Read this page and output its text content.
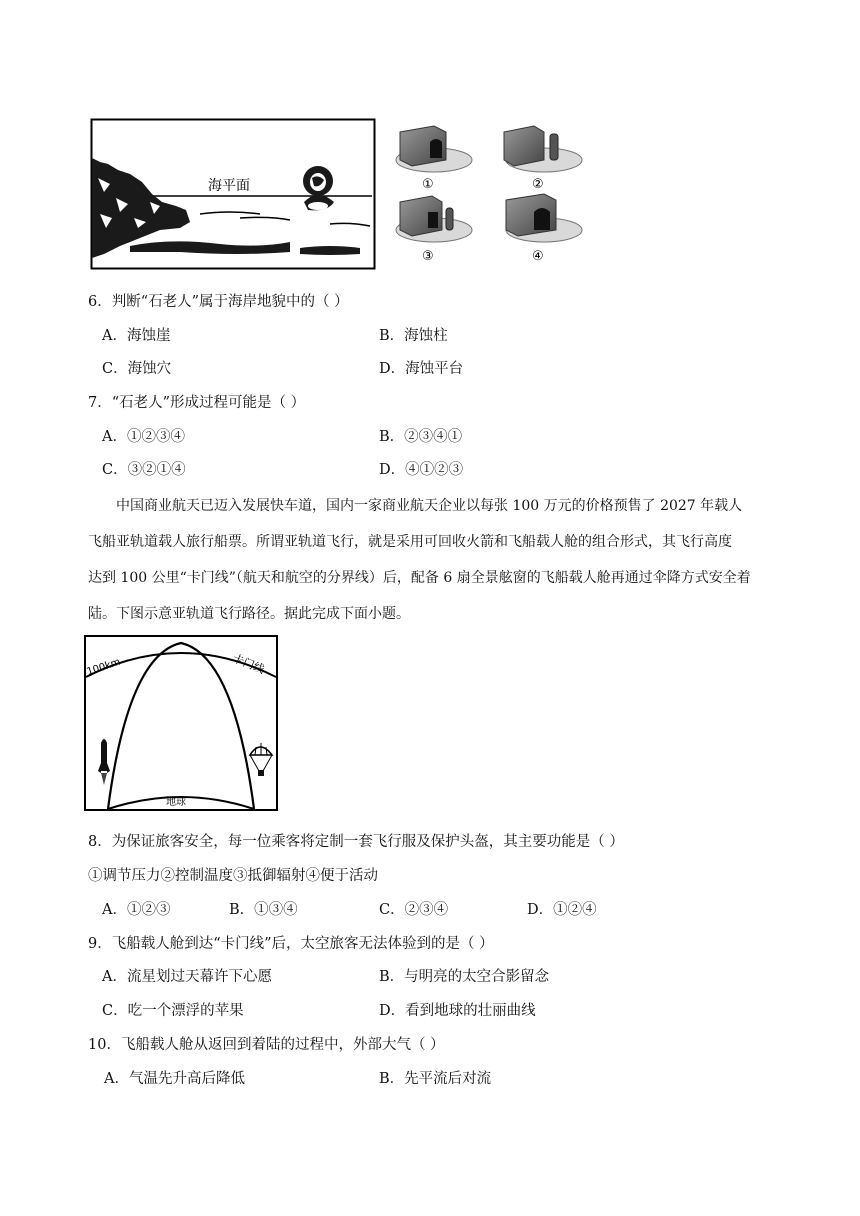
海平面	①	②
③	④
6．判断“石老人”属于海岸地貌中的（ ）
A．海蚀崖	B．海蚀柱
C．海蚀穴	D．海蚀平台
7．“石老人”形成过程可能是（ ）
A．①②③④	B．②③④①
C．③②①④	D．④①②③
中国商业航天已迈入发展快车道，国内一家商业航天企业以每张 100 万元的价格预售了 2027 年载人
飞船亚轨道载人旅行船票。所谓亚轨道飞行，就是采用可回收火箭和飞船载人舱的组合形式，其飞行高度
达到 100 公里“卡门线”（航天和航空的分界线）后，配备 6 扇全景舷窗的飞船载人舱再通过伞降方式安全着
陆。下图示意亚轨道飞行路径。据此完成下面小题。
100km	卡门线
地球
8．为保证旅客安全，每一位乘客将定制一套飞行服及保护头盔，其主要功能是（ ）
①调节压力②控制温度③抵御辐射④便于活动
A．①②③	B．①③④	C．②③④	D．①②④
9．飞船载人舱到达“卡门线”后，太空旅客无法体验到的是（ ）
A．流星划过天幕许下心愿	B．与明亮的太空合影留念
C．吃一个漂浮的苹果	D．看到地球的壮丽曲线
10．飞船载人舱从返回到着陆的过程中，外部大气（ ）
A．气温先升高后降低	B．先平流后对流
